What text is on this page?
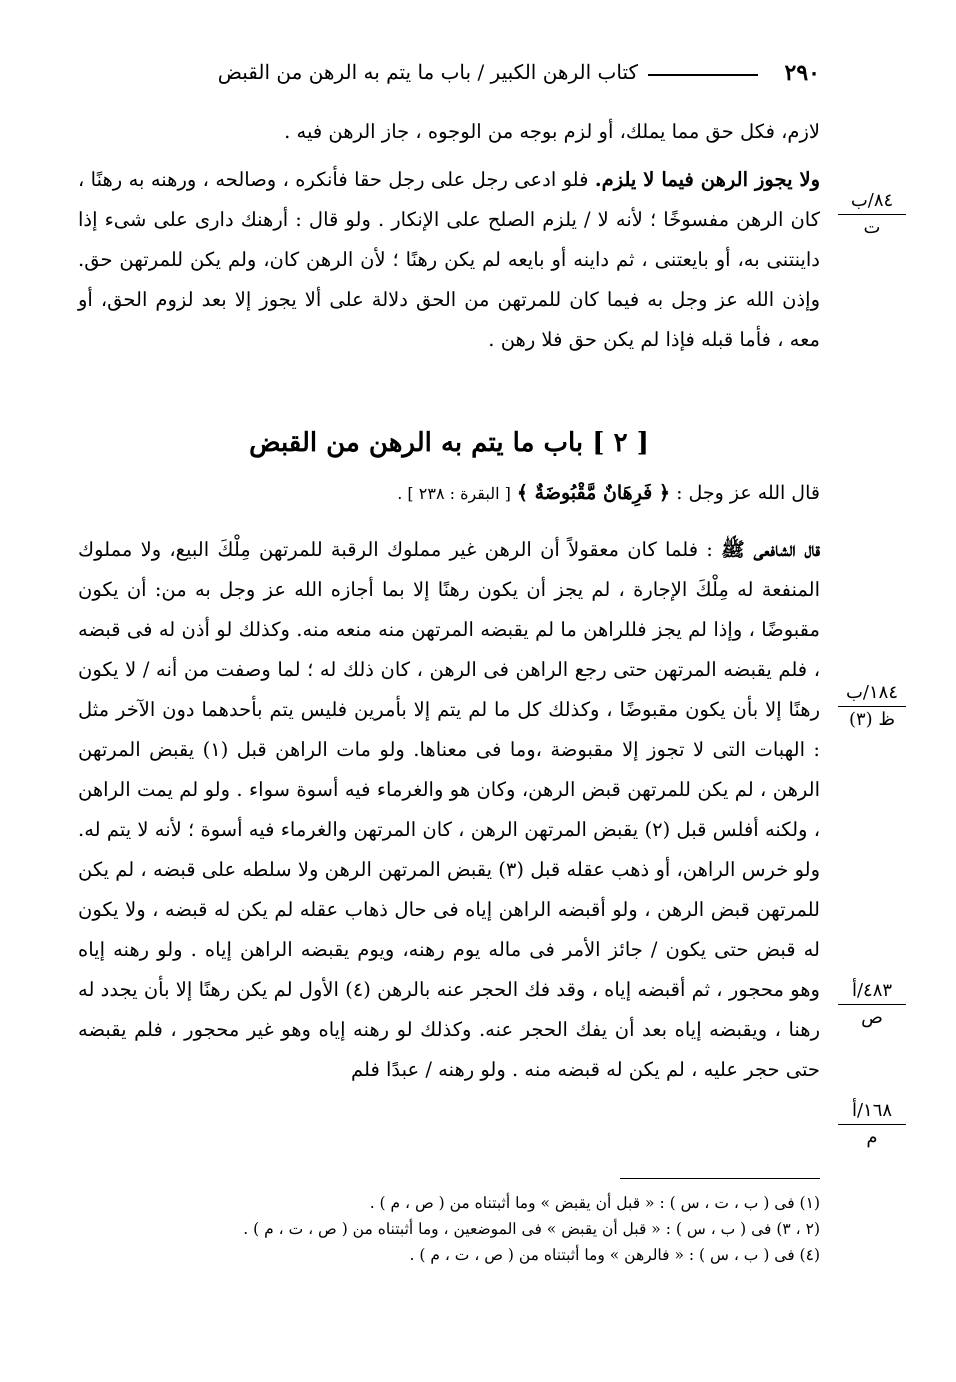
٢٩٠
كتاب الرهن الكبير / باب ما يتم به الرهن من القبض

لازم، فكل حق مما يملك، أو لزم بوجه من الوجوه ، جاز الرهن فيه .

ولا يجوز الرهن فيما لا يلزم. فلو ادعى رجل على رجل حقا فأنكره ، وصالحه ، ورهنه به رهنًا ، كان الرهن مفسوخًا ؛ لأنه لا / يلزم الصلح على الإنكار . ولو قال : أرهنك دارى على شىء إذا داينتنى به، أو بايعتنى ، ثم داينه أو بايعه لم يكن رهنًا ؛ لأن الرهن كان، ولم يكن للمرتهن حق. وإذن الله عز وجل به فيما كان للمرتهن من الحق دلالة على ألا يجوز إلا بعد لزوم الحق، أو معه ، فأما قبله فإذا لم يكن حق فلا رهن .

[ ٢ ] باب ما يتم به الرهن من القبض
قال الله عز وجل : ﴿ فَرِهَانٌ مَّقْبُوضَةٌ ﴾ [ البقرة : ٢٣٨ ] .

قال الشافعى ﷺ : فلما كان معقولاً أن الرهن غير مملوك الرقبة للمرتهن مِلْكَ البيع، ولا مملوك المنفعة له مِلْكَ الإجارة ، لم يجز أن يكون رهنًا إلا بما أجازه الله عز وجل به من: أن يكون مقبوضًا ، وإذا لم يجز فللراهن ما لم يقبضه المرتهن منه منعه منه. وكذلك لو أذن له فى قبضه ، فلم يقبضه المرتهن حتى رجع الراهن فى الرهن ، كان ذلك له ؛ لما وصفت من أنه / لا يكون رهنًا إلا بأن يكون مقبوضًا ، وكذلك كل ما لم يتم إلا بأمرين فليس يتم بأحدهما دون الآخر مثل : الهبات التى لا تجوز إلا مقبوضة ،وما فى معناها. ولو مات الراهن قبل (١) يقبض المرتهن الرهن ، لم يكن للمرتهن قبض الرهن، وكان هو والغرماء فيه أسوة سواء . ولو لم يمت الراهن ، ولكنه أفلس قبل (٢) يقبض المرتهن الرهن ، كان المرتهن والغرماء فيه أسوة ؛ لأنه لا يتم له. ولو خرس الراهن، أو ذهب عقله قبل (٣) يقبض المرتهن الرهن ولا سلطه على قبضه ، لم يكن للمرتهن قبض الرهن ، ولو أقبضه الراهن إياه فى حال ذهاب عقله لم يكن له قبضه ، ولا يكون له قبض حتى يكون / جائز الأمر فى ماله يوم رهنه، ويوم يقبضه الراهن إياه . ولو رهنه إياه وهو محجور ، ثم أقبضه إياه ، وقد فك الحجر عنه بالرهن (٤) الأول لم يكن رهنًا إلا بأن يجدد له رهنا ، ويقبضه إياه بعد أن يفك الحجر عنه. وكذلك لو رهنه إياه وهو غير محجور ، فلم يقبضه حتى حجر عليه ، لم يكن له قبضه منه . ولو رهنه / عبدًا فلم

٨٤/ب
ت
١٨٤/ب
ظ (٣)
٤٨٣/أ
ص
١٦٨/أ
م
(١) فى ( ب ، ت ، س ) : « قبل أن يقبض » وما أثبتناه من ( ص ، م ) .
(٢ ، ٣) فى ( ب ، س ) : « قبل أن يقبض » فى الموضعين ، وما أثبتناه من ( ص ، ت ، م ) .
(٤) فى ( ب ، س ) : « فالرهن » وما أثبتناه من ( ص ، ت ، م ) .
